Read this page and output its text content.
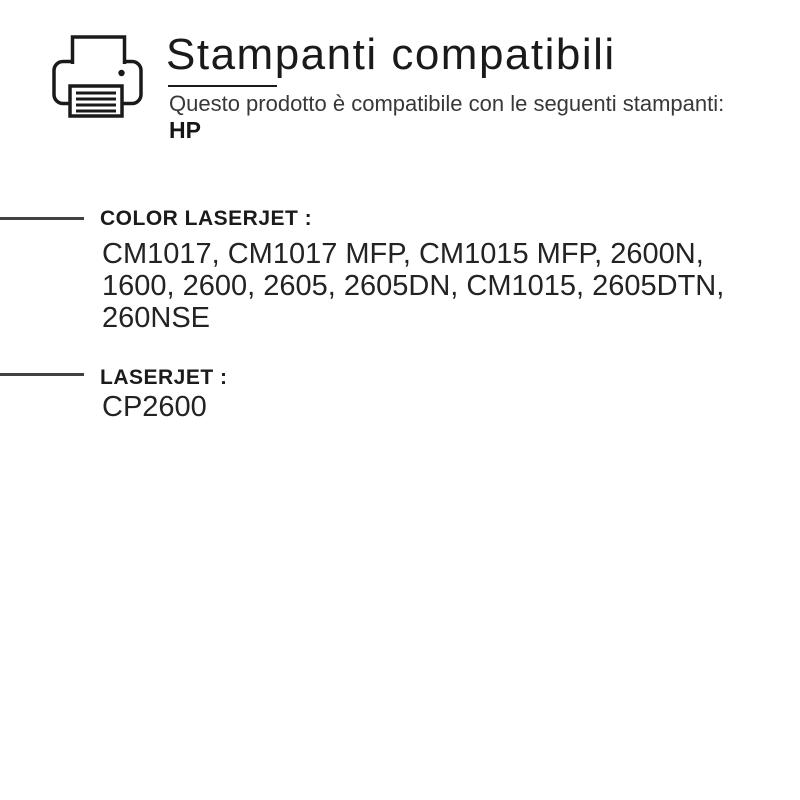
Stampanti compatibili

Questo prodotto è compatibile con le seguenti stampanti:

HP

COLOR LASERJET :

CM1017, CM1017 MFP, CM1015 MFP, 2600N, 1600, 2600, 2605, 2605DN, CM1015, 2605DTN, 260NSE

LASERJET :

CP2600
